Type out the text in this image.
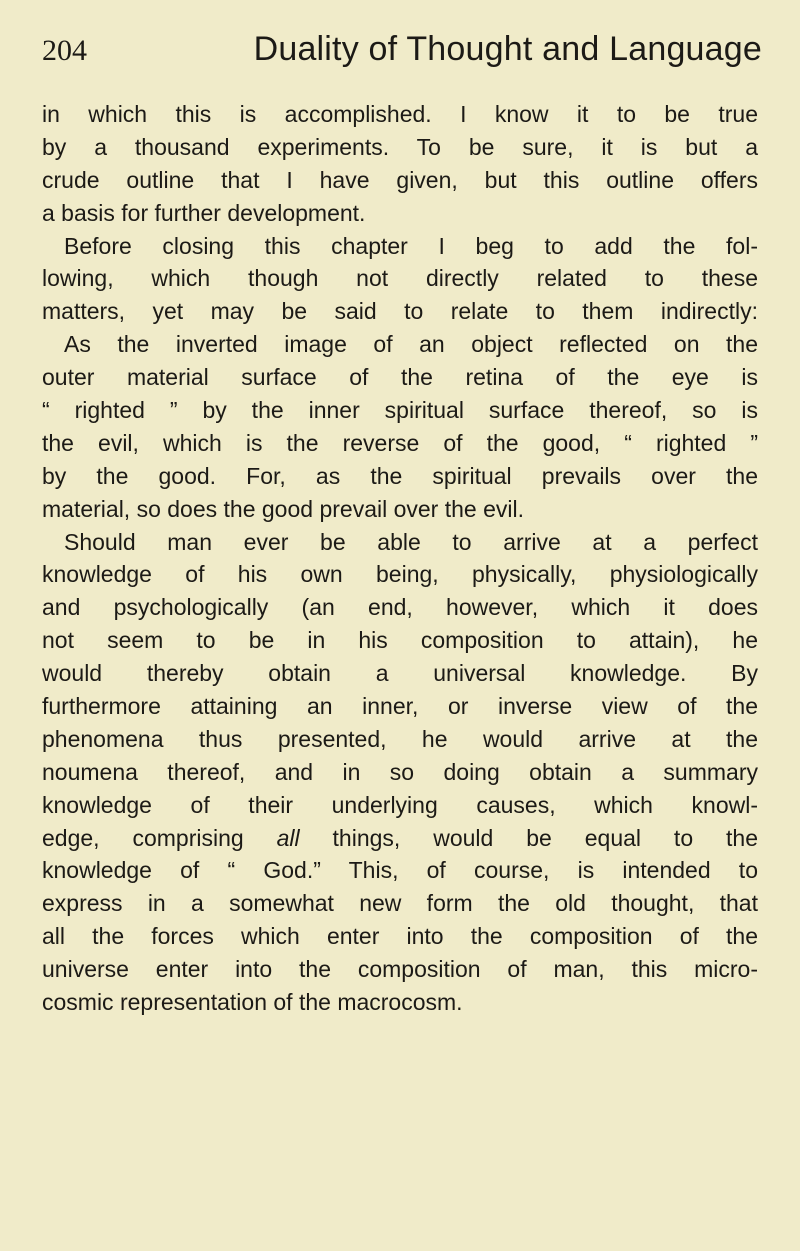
204	Duality of Thought and Language
in which this is accomplished. I know it to be true
by a thousand experiments. To be sure, it is but a
crude outline that I have given, but this outline offers
a basis for further development.
Before closing this chapter I beg to add the fol-
lowing, which though not directly related to these
matters, yet may be said to relate to them indirectly:
As the inverted image of an object reflected on the
outer material surface of the retina of the eye is
“ righted ” by the inner spiritual surface thereof, so is
the evil, which is the reverse of the good, “ righted ”
by the good. For, as the spiritual prevails over the
material, so does the good prevail over the evil.
Should man ever be able to arrive at a perfect
knowledge of his own being, physically, physiologically
and psychologically (an end, however, which it does
not seem to be in his composition to attain), he
would thereby obtain a universal knowledge. By
furthermore attaining an inner, or inverse view of the
phenomena thus presented, he would arrive at the
noumena thereof, and in so doing obtain a summary
knowledge of their underlying causes, which knowl-
edge, comprising all things, would be equal to the
knowledge of “ God.” This, of course, is intended to
express in a somewhat new form the old thought, that
all the forces which enter into the composition of the
universe enter into the composition of man, this micro-
cosmic representation of the macrocosm.
